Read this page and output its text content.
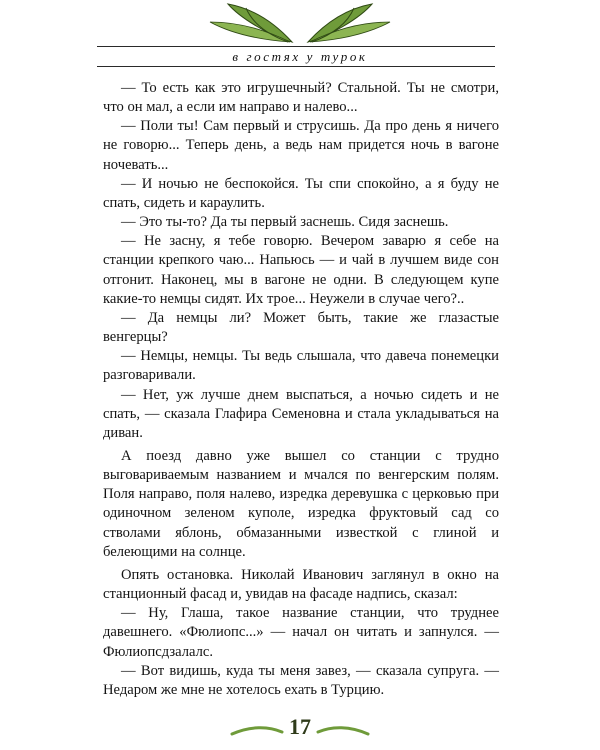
в гостях у турок

— То есть как это игрушечный? Стальной. Ты не смотри, что он мал, а если им направо и налево...

— Поли ты! Сам первый и струсишь. Да про день я ничего не говорю... Теперь день, а ведь нам придется ночь в вагоне ночевать...

— И ночью не беспокойся. Ты спи спокойно, а я буду не спать, сидеть и караулить.

— Это ты-то? Да ты первый заснешь. Сидя заснешь.

— Не засну, я тебе говорю. Вечером заварю я себе на станции крепкого чаю... Напьюсь — и чай в лучшем виде сон отгонит. Наконец, мы в вагоне не одни. В следующем купе какие-то немцы сидят. Их трое... Неужели в случае чего?..

— Да немцы ли? Может быть, такие же глазастые венгерцы?

— Немцы, немцы. Ты ведь слышала, что давеча понемецки разговаривали.

— Нет, уж лучше днем выспаться, а ночью сидеть и не спать, — сказала Глафира Семеновна и стала укладываться на диван.

А поезд давно уже вышел со станции с трудно выговариваемым названием и мчался по венгерским полям. Поля направо, поля налево, изредка деревушка с церковью при одиночном зеленом куполе, изредка фруктовый сад со стволами яблонь, обмазанными известкой с глиной и белеющими на солнце.

Опять остановка. Николай Иванович заглянул в окно на станционный фасад и, увидав на фасаде надпись, сказал:

— Ну, Глаша, такое название станции, что труднее давешнего. «Фюлиопс...» — начал он читать и запнулся. — Фюлиопсдзалалс.

— Вот видишь, куда ты меня завез, — сказала супруга. — Недаром же мне не хотелось ехать в Турцию.

17
